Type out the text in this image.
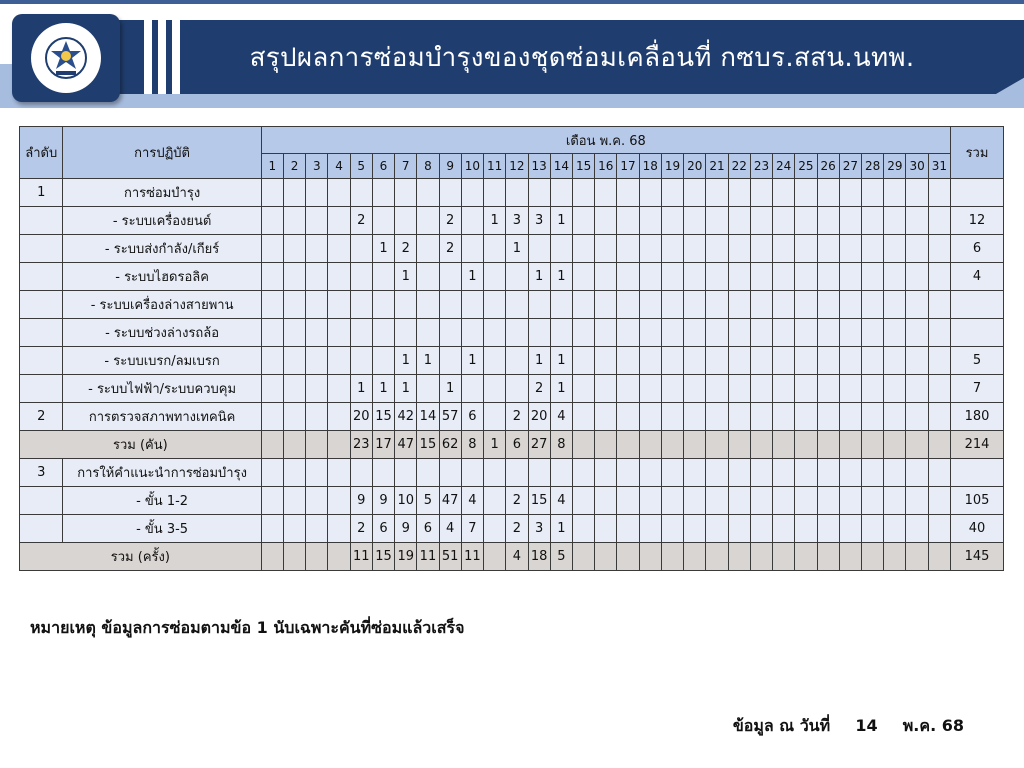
สรุปผลการซ่อมบำรุงของชุดซ่อมเคลื่อนที่ กซบร.สสน.นทพ.
ลำดับ	การปฏิบัติ	เดือน พ.ค. 68																															รวม
		1	2	3	4	5	6	7	8	9	10	11	12	13	14	15	16	17	18	19	20	21	22	23	24	25	26	27	28	29	30	31	
1	การซ่อมบำรุง																																
	- ระบบเครื่องยนต์					2				2		1	3	3	1																		12
	- ระบบส่งกำลัง/เกียร์						1	2		2			1																				6
	- ระบบไฮดรอลิค							1			1			1	1																		4
	- ระบบเครื่องล่างสายพาน																																
	- ระบบช่วงล่างรถล้อ																																
	- ระบบเบรก/ลมเบรก							1	1		1			1	1																		5
	- ระบบไฟฟ้า/ระบบควบคุม					1	1	1		1				2	1																		7
2	การตรวจสภาพทางเทคนิค					20	15	42	14	57	6		2	20	4																		180
รวม (คัน)						23	17	47	15	62	8	1	6	27	8																		214
3	การให้คำแนะนำการซ่อมบำรุง																																
	- ขั้น 1-2					9	9	10	5	47	4		2	15	4																		105
	- ขั้น 3-5					2	6	9	6	4	7		2	3	1																		40
รวม (ครั้ง)						11	15	19	11	51	11		4	18	5																		145
หมายเหตุ ข้อมูลการซ่อมตามข้อ 1 นับเฉพาะคันที่ซ่อมแล้วเสร็จ
ข้อมูล ณ วันที่ 14 พ.ค. 68
